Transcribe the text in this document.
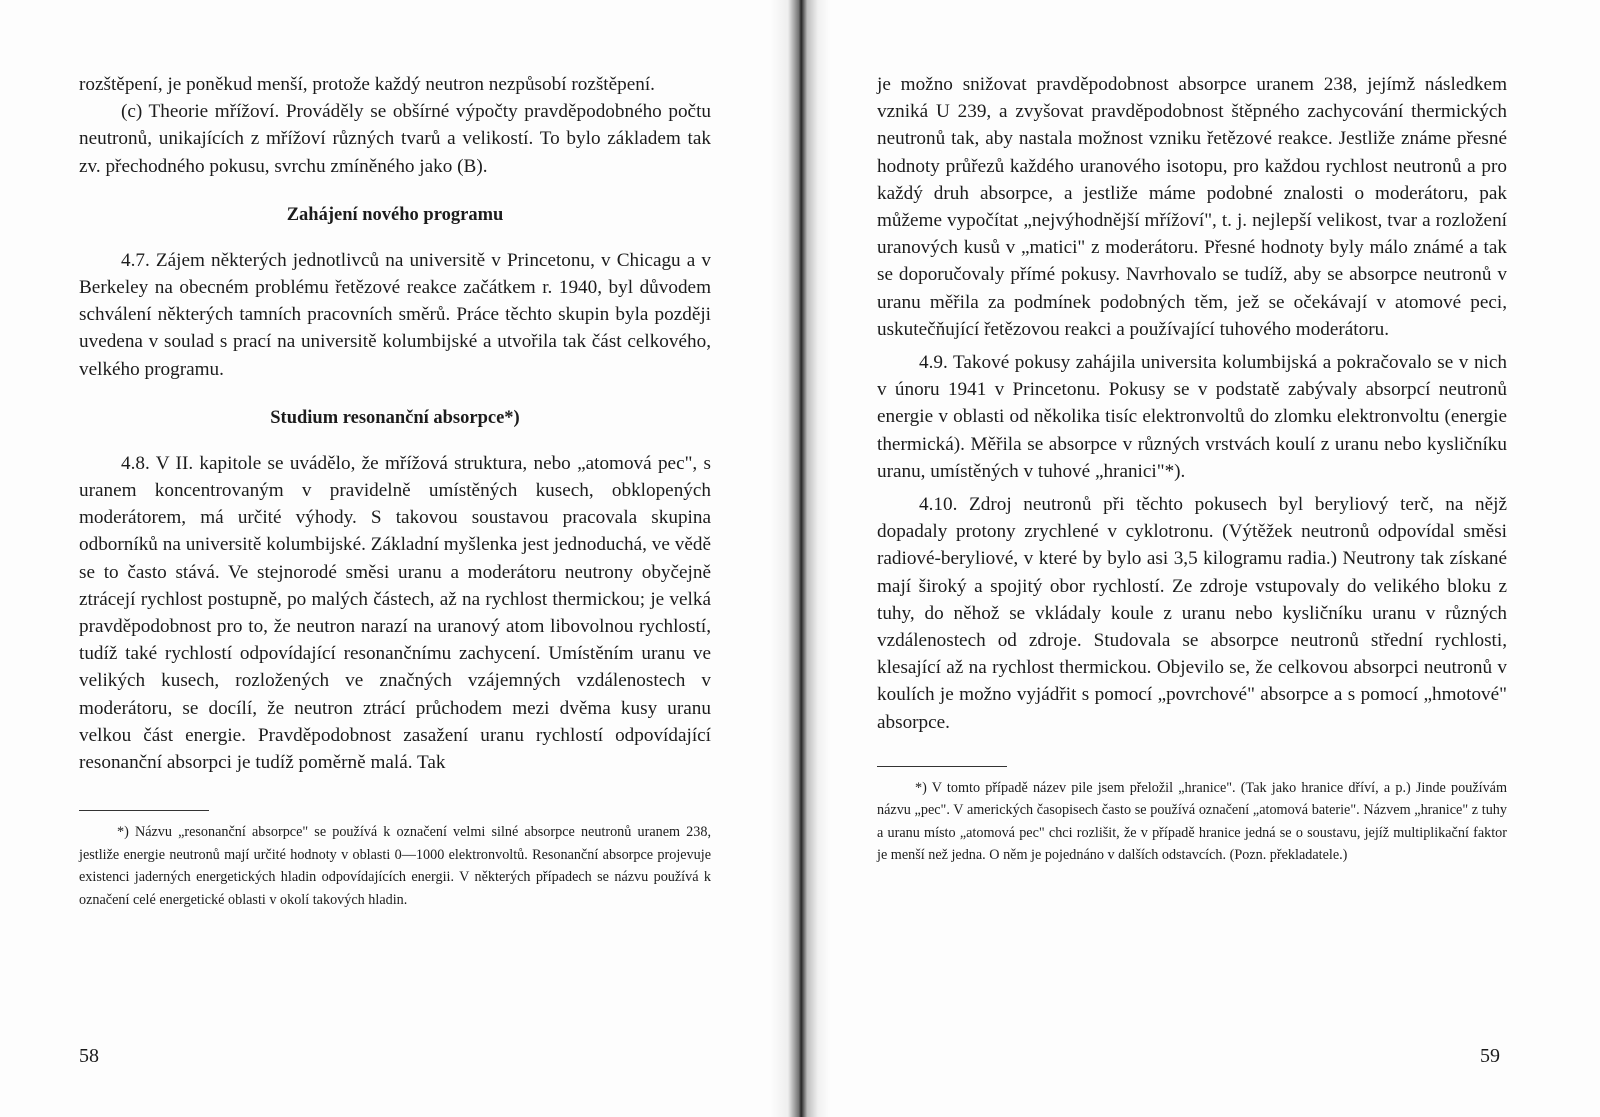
rozštěpení, je poněkud menší, protože každý neutron nezpůsobí rozštěpení.

(c) Theorie mřížoví. Prováděly se obšírné výpočty pravděpodobného počtu neutronů, unikajících z mřížoví různých tvarů a velikostí. To bylo základem tak zv. přechodného pokusu, svrchu zmíněného jako (B).

Zahájení nového programu

4.7. Zájem některých jednotlivců na universitě v Princetonu, v Chicagu a v Berkeley na obecném problému řetězové reakce začátkem r. 1940, byl důvodem schválení některých tamních pracovních směrů. Práce těchto skupin byla později uvedena v soulad s prací na universitě kolumbijské a utvořila tak část celkového, velkého programu.

Studium resonanční absorpce*)

4.8. V II. kapitole se uvádělo, že mřížová struktura, nebo „atomová pec", s uranem koncentrovaným v pravidelně umístěných kusech, obklopených moderátorem, má určité výhody. S takovou soustavou pracovala skupina odborníků na universitě kolumbijské. Základní myšlenka jest jednoduchá, ve vědě se to často stává. Ve stejnorodé směsi uranu a moderátoru neutrony obyčejně ztrácejí rychlost postupně, po malých částech, až na rychlost thermickou; je velká pravděpodobnost pro to, že neutron narazí na uranový atom libovolnou rychlostí, tudíž také rychlostí odpovídající resonančnímu zachycení. Umístěním uranu ve velikých kusech, rozložených ve značných vzájemných vzdálenostech v moderátoru, se docílí, že neutron ztrácí průchodem mezi dvěma kusy uranu velkou část energie. Pravděpodobnost zasažení uranu rychlostí odpovídající resonanční absorpci je tudíž poměrně malá. Tak

*) Názvu „resonanční absorpce" se používá k označení velmi silné absorpce neutronů uranem 238, jestliže energie neutronů mají určité hodnoty v oblasti 0—1000 elektronvoltů. Resonanční absorpce projevuje existenci jaderných energetických hladin odpovídajících energii. V některých případech se názvu používá k označení celé energetické oblasti v okolí takových hladin.

58

je možno snižovat pravděpodobnost absorpce uranem 238, jejímž následkem vzniká U 239, a zvyšovat pravděpodobnost štěpného zachycování thermických neutronů tak, aby nastala možnost vzniku řetězové reakce. Jestliže známe přesné hodnoty průřezů každého uranového isotopu, pro každou rychlost neutronů a pro každý druh absorpce, a jestliže máme podobné znalosti o moderátoru, pak můžeme vypočítat „nejvýhodnější mřížoví", t. j. nejlepší velikost, tvar a rozložení uranových kusů v „matici" z moderátoru. Přesné hodnoty byly málo známé a tak se doporučovaly přímé pokusy. Navrhovalo se tudíž, aby se absorpce neutronů v uranu měřila za podmínek podobných těm, jež se očekávají v atomové peci, uskutečňující řetězovou reakci a používající tuhového moderátoru.

4.9. Takové pokusy zahájila universita kolumbijská a pokračovalo se v nich v únoru 1941 v Princetonu. Pokusy se v podstatě zabývaly absorpcí neutronů energie v oblasti od několika tisíc elektronvoltů do zlomku elektronvoltu (energie thermická). Měřila se absorpce v různých vrstvách koulí z uranu nebo kysličníku uranu, umístěných v tuhové „hranici"*).

4.10. Zdroj neutronů při těchto pokusech byl beryliový terč, na nějž dopadaly protony zrychlené v cyklotronu. (Výtěžek neutronů odpovídal směsi radiové-beryliové, v které by bylo asi 3,5 kilogramu radia.) Neutrony tak získané mají široký a spojitý obor rychlostí. Ze zdroje vstupovaly do velikého bloku z tuhy, do něhož se vkládaly koule z uranu nebo kysličníku uranu v různých vzdálenostech od zdroje. Studovala se absorpce neutronů střední rychlosti, klesající až na rychlost thermickou. Objevilo se, že celkovou absorpci neutronů v koulích je možno vyjádřit s pomocí „povrchové" absorpce a s pomocí „hmotové" absorpce.

*) V tomto případě název pile jsem přeložil „hranice". (Tak jako hranice dříví, a p.) Jinde používám názvu „pec". V amerických časopisech často se používá označení „atomová baterie". Názvem „hranice" z tuhy a uranu místo „atomová pec" chci rozlišit, že v případě hranice jedná se o soustavu, jejíž multiplikační faktor je menší než jedna. O něm je pojednáno v dalších odstavcích. (Pozn. překladatele.)

59
